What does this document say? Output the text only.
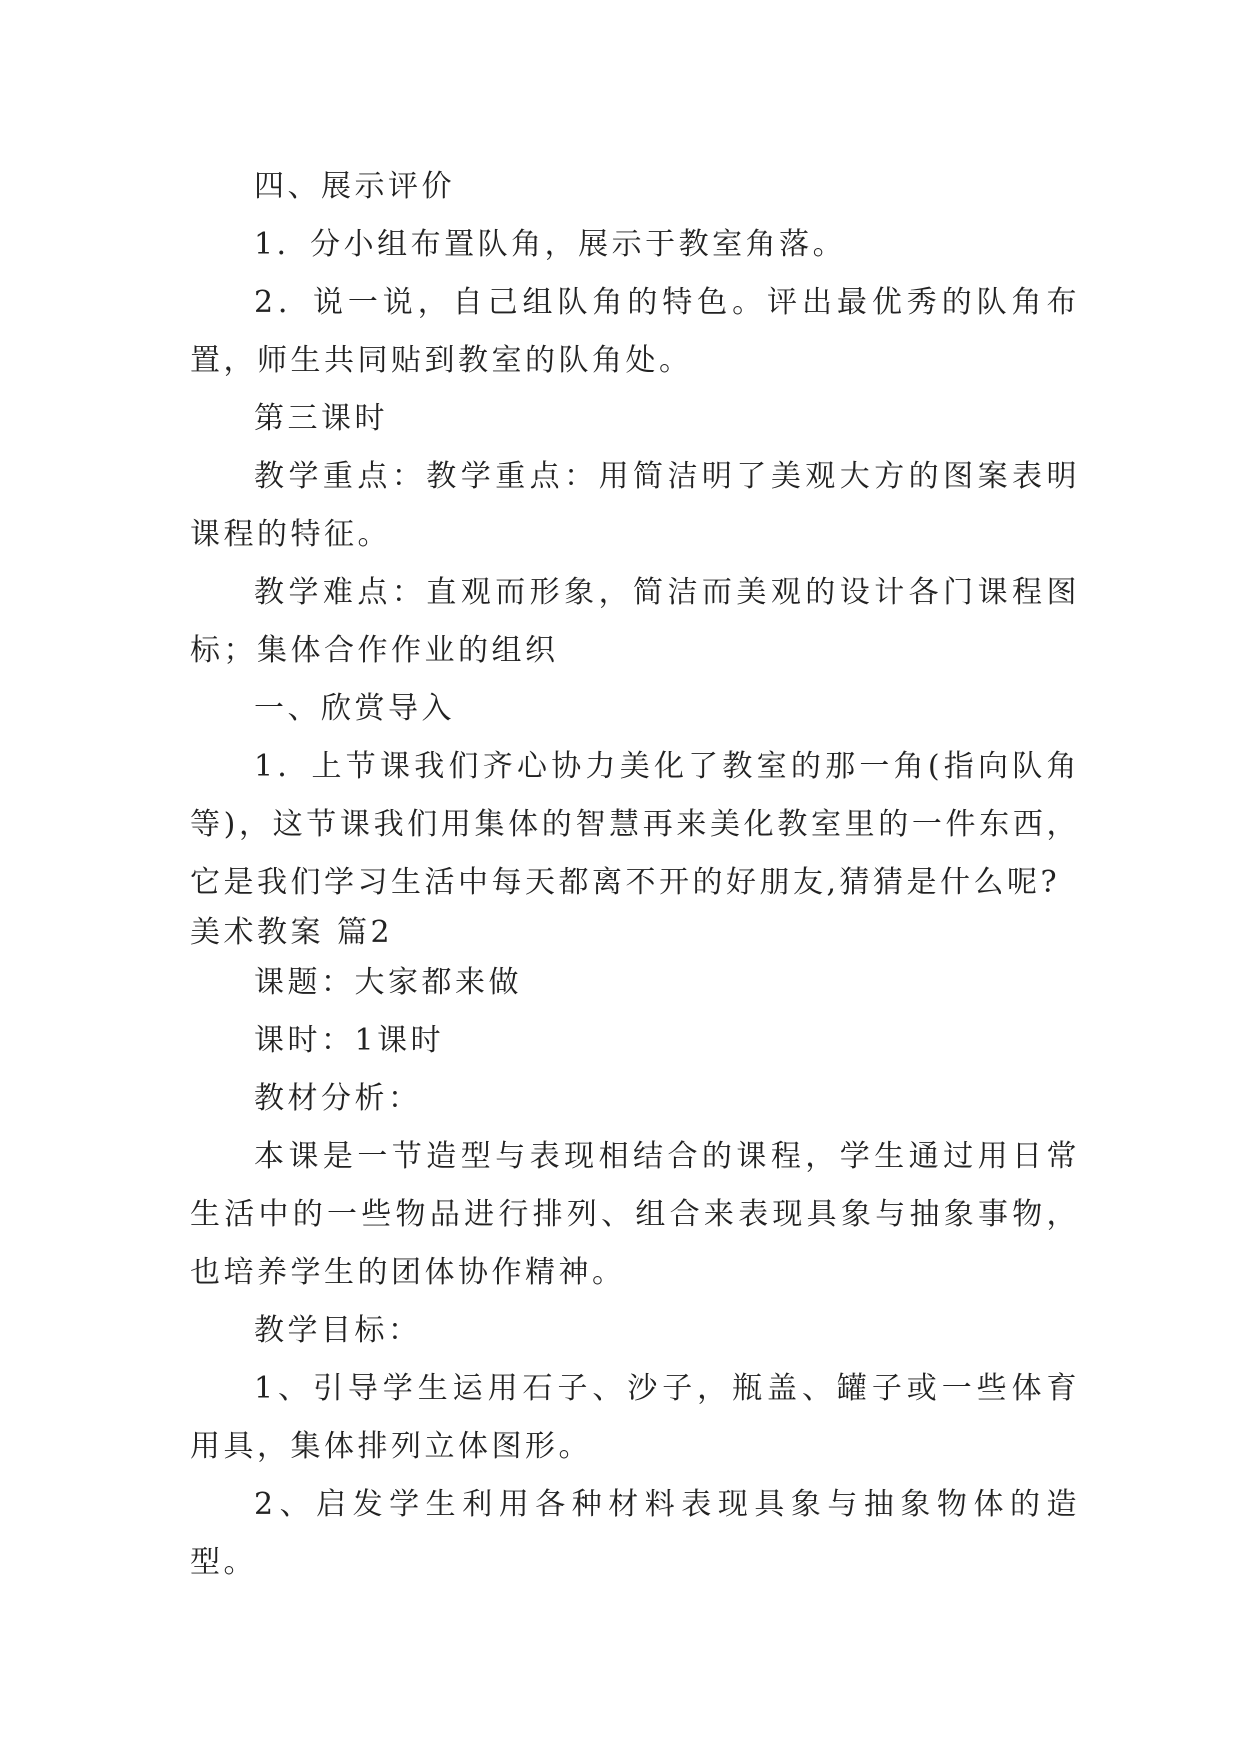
四、展示评价

1．分小组布置队角，展示于教室角落。

2．说一说，自己组队角的特色。评出最优秀的队角布置，师生共同贴到教室的队角处。

第三课时

教学重点：教学重点：用简洁明了美观大方的图案表明课程的特征。

教学难点：直观而形象，简洁而美观的设计各门课程图标；集体合作作业的组织

一、欣赏导入

1．上节课我们齐心协力美化了教室的那一角(指向队角等)，这节课我们用集体的智慧再来美化教室里的一件东西，它是我们学习生活中每天都离不开的好朋友,猜猜是什么呢?

美术教案 篇2

课题：大家都来做

课时：1课时

教材分析：

本课是一节造型与表现相结合的课程，学生通过用日常生活中的一些物品进行排列、组合来表现具象与抽象事物，也培养学生的团体协作精神。

教学目标：

1、引导学生运用石子、沙子，瓶盖、罐子或一些体育用具，集体排列立体图形。

2、启发学生利用各种材料表现具象与抽象物体的造型。
